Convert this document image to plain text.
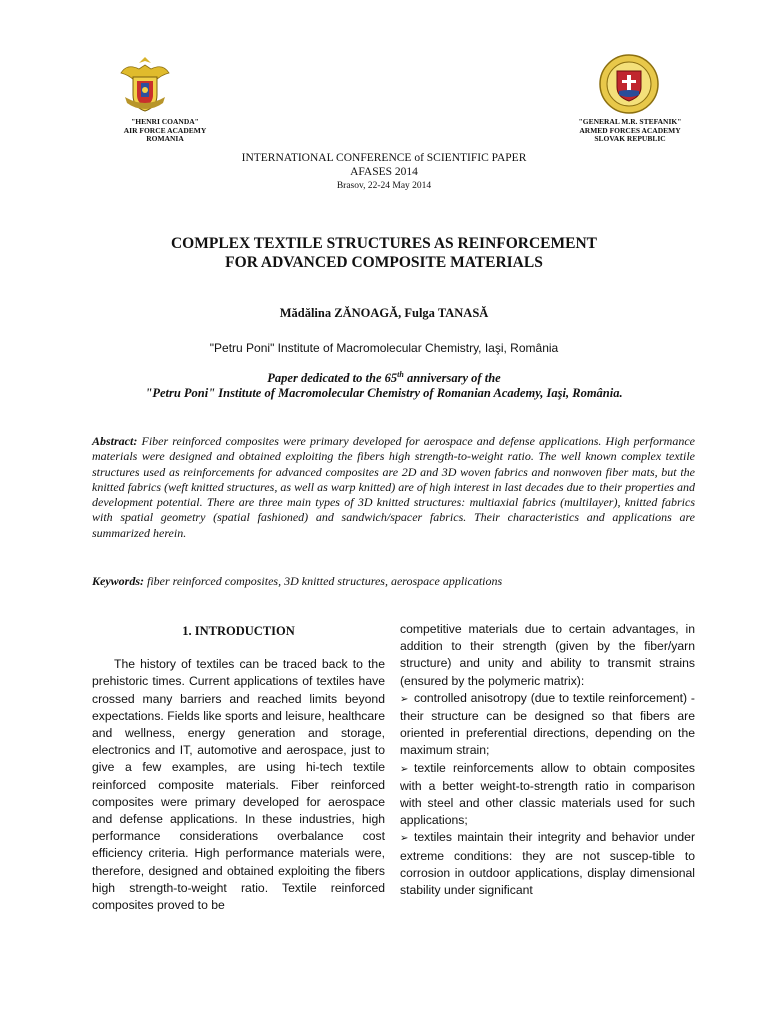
"HENRI COANDA"
AIR FORCE ACADEMY
ROMANIA
"GENERAL M.R. STEFANIK"
ARMED FORCES ACADEMY
SLOVAK REPUBLIC
INTERNATIONAL CONFERENCE of SCIENTIFIC PAPER
AFASES 2014
Brasov, 22-24 May 2014
COMPLEX TEXTILE STRUCTURES AS REINFORCEMENT
FOR ADVANCED COMPOSITE MATERIALS
Mădălina ZĂNOAGĂ, Fulga TANASĂ
"Petru Poni" Institute of Macromolecular Chemistry, Iaşi, România
Paper dedicated to the 65th anniversary of the
"Petru Poni" Institute of Macromolecular Chemistry of Romanian Academy, Iaşi, România.
Abstract: Fiber reinforced composites were primary developed for aerospace and defense applications. High performance materials were designed and obtained exploiting the fibers high strength-to-weight ratio. The well known complex textile structures used as reinforcements for advanced composites are 2D and 3D woven fabrics and nonwoven fiber mats, but the knitted fabrics (weft knitted structures, as well as warp knitted) are of high interest in last decades due to their properties and development potential. There are three main types of 3D knitted structures: multiaxial fabrics (multilayer), knitted fabrics with spatial geometry (spatial fashioned) and sandwich/spacer fabrics. Their characteristics and applications are summarized herein.
Keywords: fiber reinforced composites, 3D knitted structures, aerospace applications
1. INTRODUCTION

The history of textiles can be traced back to the prehistoric times. Current applications of textiles have crossed many barriers and reached limits beyond expectations. Fields like sports and leisure, healthcare and wellness, energy generation and storage, electronics and IT, automotive and aerospace, just to give a few examples, are using hi-tech textile reinforced composite materials. Fiber reinforced composites were primary developed for aerospace and defense applications. In these industries, high performance considerations overbalance cost efficiency criteria. High performance materials were, therefore, designed and obtained exploiting the fibers high strength-to-weight ratio. Textile reinforced composites proved to be

competitive materials due to certain advantages, in addition to their strength (given by the fiber/yarn structure) and unity and ability to transmit strains (ensured by the polymeric matrix):

➢ controlled anisotropy (due to textile reinforcement) - their structure can be designed so that fibers are oriented in preferential directions, depending on the maximum strain;

➢ textile reinforcements allow to obtain composites with a better weight-to-strength ratio in comparison with steel and other classic materials used for such applications;

➢ textiles maintain their integrity and behavior under extreme conditions: they are not suscep-tible to corrosion in outdoor applications, display dimensional stability under significant
